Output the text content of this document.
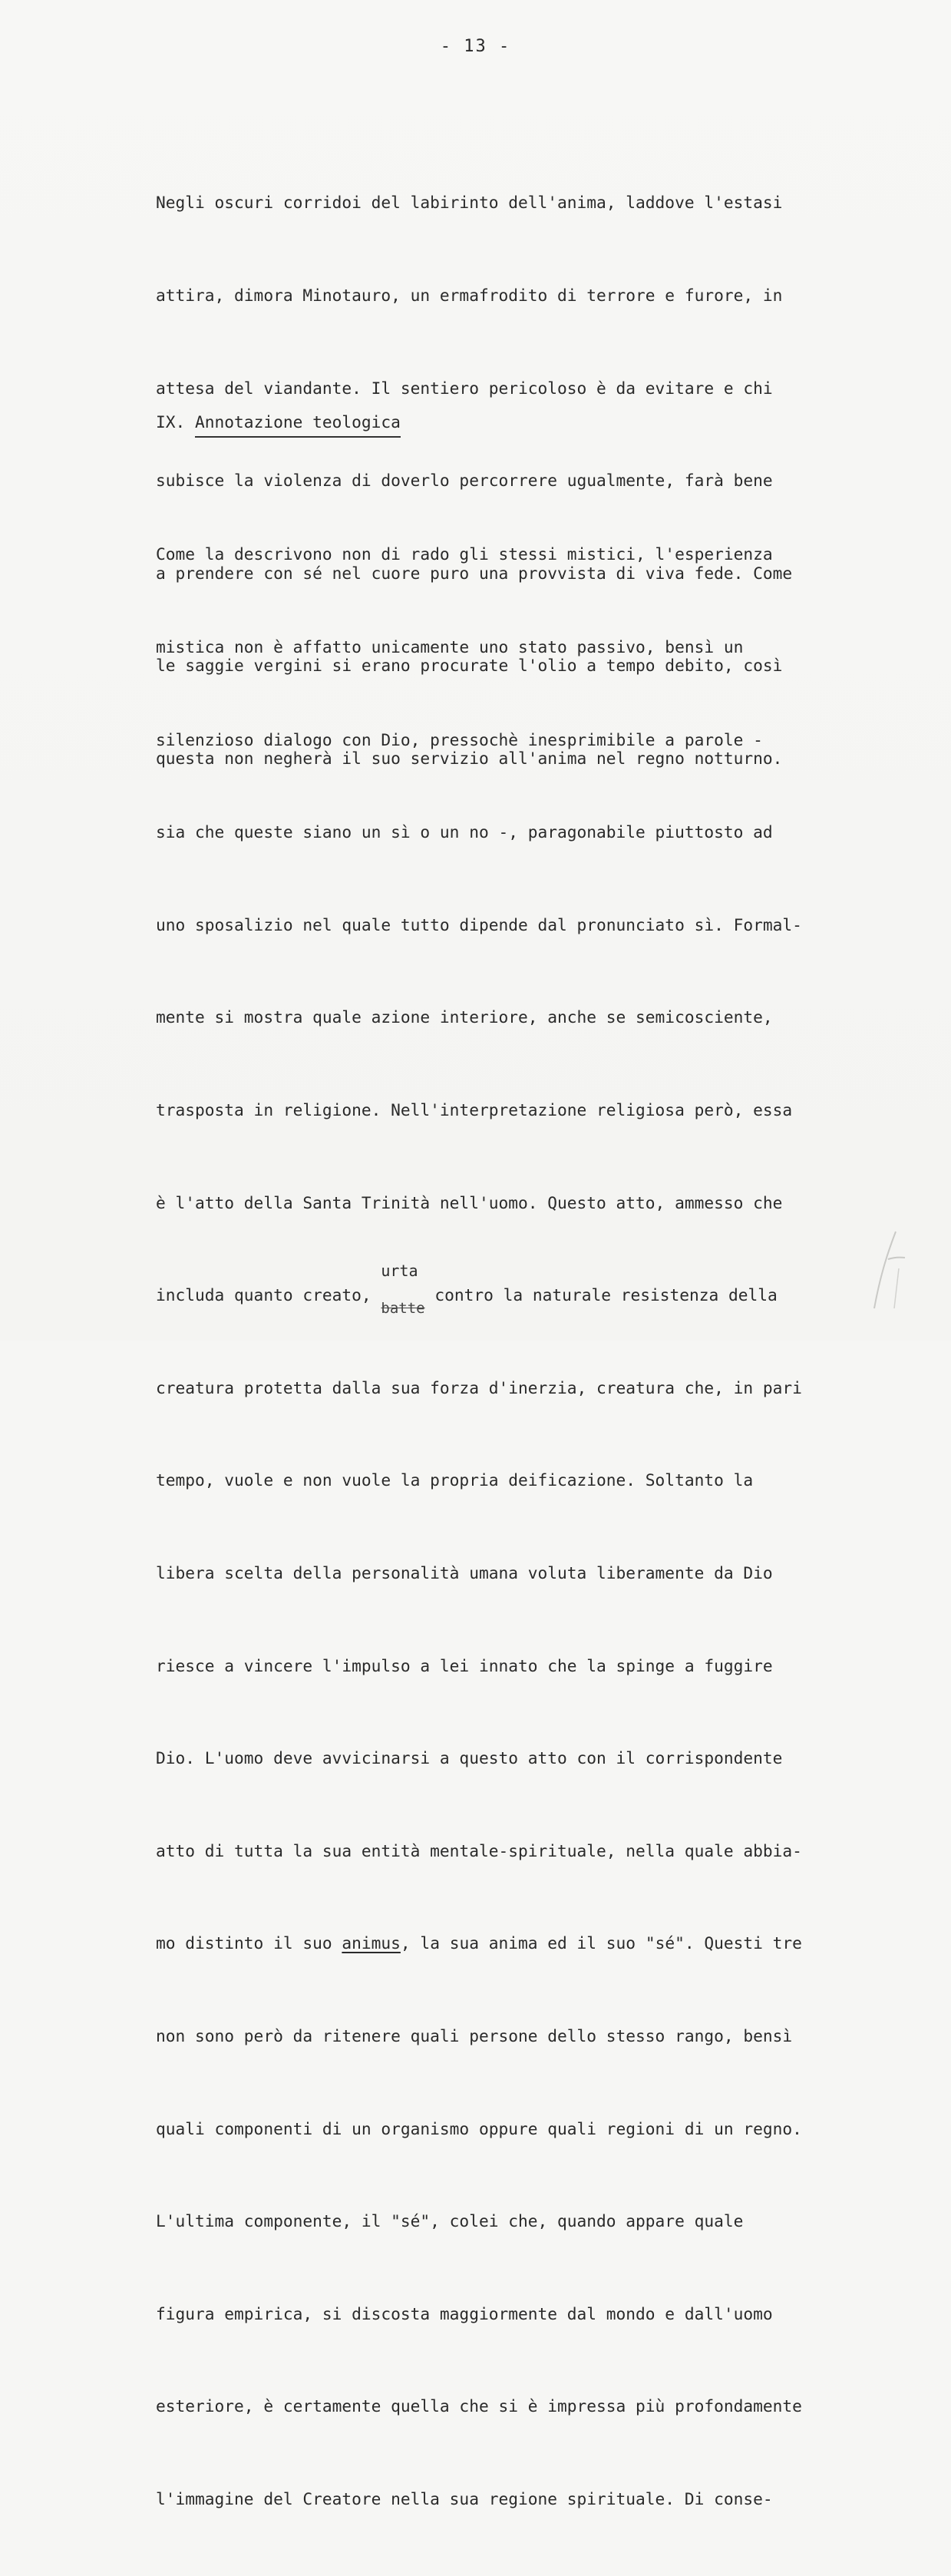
- 13 -

Negli oscuri corridoi del labirinto dell'anima, laddove l'estasi

attira, dimora Minotauro, un ermafrodito di terrore e furore, in

attesa del viandante. Il sentiero pericoloso è da evitare e chi

subisce la violenza di doverlo percorrere ugualmente, farà bene

a prendere con sé nel cuore puro una provvista di viva fede. Come

le saggie vergini si erano procurate l'olio a tempo debito, così

questa non negherà il suo servizio all'anima nel regno notturno.

IX. Annotazione teologica

Come la descrivono non di rado gli stessi mistici, l'esperienza

mistica non è affatto unicamente uno stato passivo, bensì un

silenzioso dialogo con Dio, pressochè inesprimibile a parole -

sia che queste siano un sì o un no -, paragonabile piuttosto ad

uno sposalizio nel quale tutto dipende dal pronunciato sì. Formal-

mente si mostra quale azione interiore, anche se semicosciente,

trasposta in religione. Nell'interpretazione religiosa però, essa

è l'atto della Santa Trinità nell'uomo. Questo atto, ammesso che

includa quanto creato,
urta
batte contro la naturale resistenza della

creatura protetta dalla sua forza d'inerzia, creatura che, in pari

tempo, vuole e non vuole la propria deificazione. Soltanto la

libera scelta della personalità umana voluta liberamente da Dio

riesce a vincere l'impulso a lei innato che la spinge a fuggire

Dio. L'uomo deve avvicinarsi a questo atto con il corrispondente

atto di tutta la sua entità mentale-spirituale, nella quale abbia-

mo distinto il suo animus, la sua anima ed il suo "sé". Questi tre

non sono però da ritenere quali persone dello stesso rango, bensì

quali componenti di un organismo oppure quali regioni di un regno.

L'ultima componente, il "sé", colei che, quando appare quale

figura empirica, si discosta maggiormente dal mondo e dall'uomo

esteriore, è certamente quella che si è impressa più profondamente

l'immagine del Creatore nella sua regione spirituale. Di conse-
